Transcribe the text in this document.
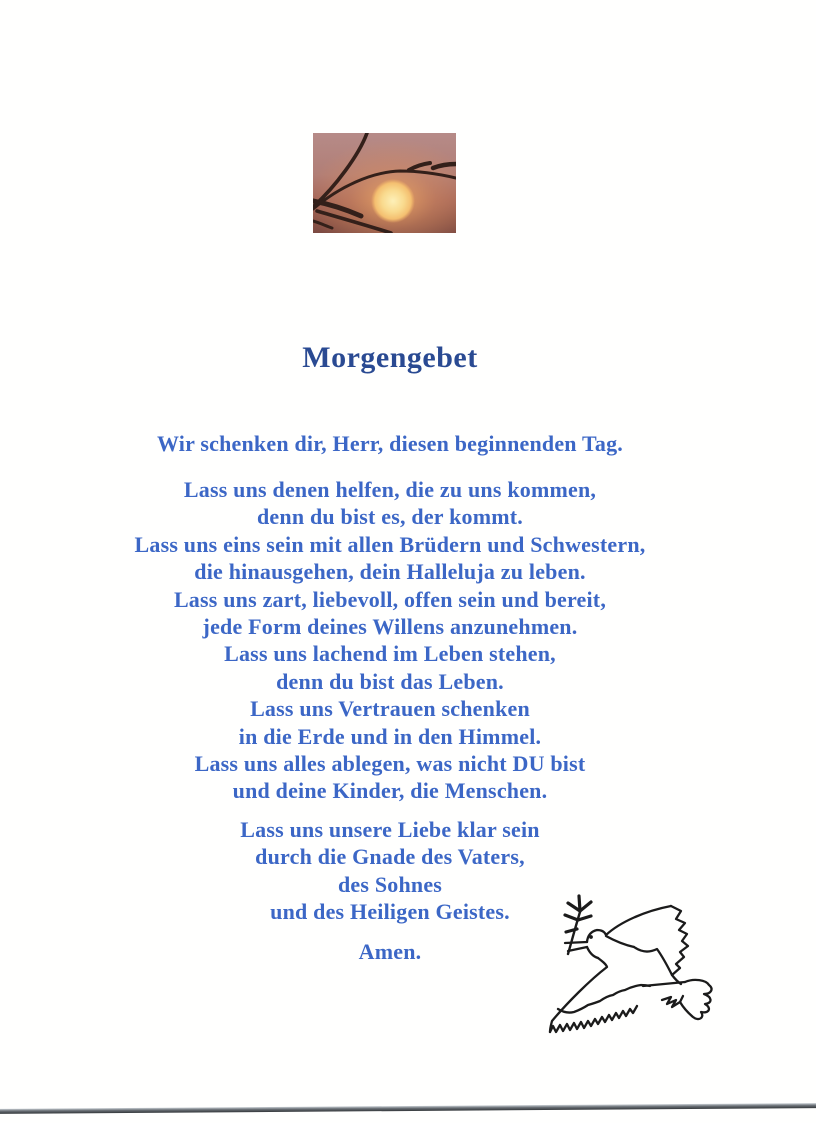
Morgengebet
Wir schenken dir, Herr, diesen beginnenden Tag.
Lass uns denen helfen, die zu uns kommen,
denn du bist es, der kommt.
Lass uns eins sein mit allen Brüdern und Schwestern,
die hinausgehen, dein Halleluja zu leben.
Lass uns zart, liebevoll, offen sein und bereit,
jede Form deines Willens anzunehmen.
Lass uns lachend im Leben stehen,
denn du bist das Leben.
Lass uns Vertrauen schenken
in die Erde und in den Himmel.
Lass uns alles ablegen, was nicht DU bist
und deine Kinder, die Menschen.
Lass uns unsere Liebe klar sein
durch die Gnade des Vaters,
des Sohnes
und des Heiligen Geistes.
Amen.
